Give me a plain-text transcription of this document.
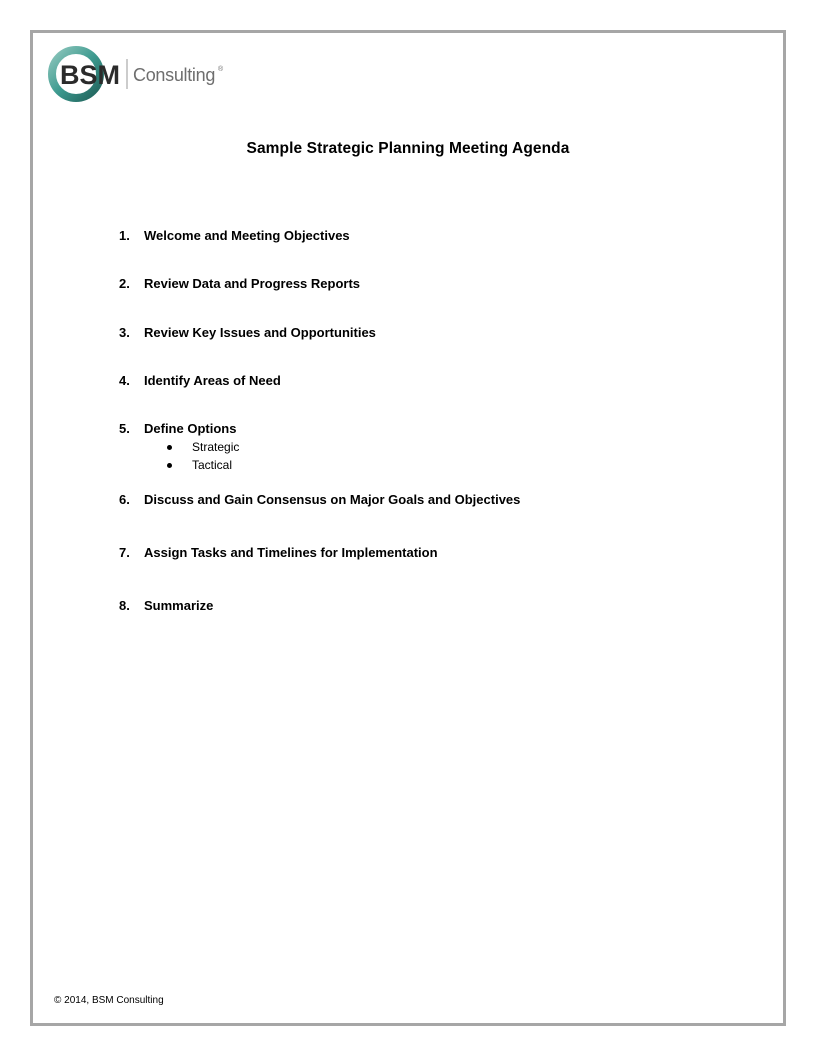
BSM Consulting ®
Sample Strategic Planning Meeting Agenda
1. Welcome and Meeting Objectives
2. Review Data and Progress Reports
3. Review Key Issues and Opportunities
4. Identify Areas of Need
5. Define Options
Strategic
Tactical
6. Discuss and Gain Consensus on Major Goals and Objectives
7. Assign Tasks and Timelines for Implementation
8. Summarize
© 2014, BSM Consulting
